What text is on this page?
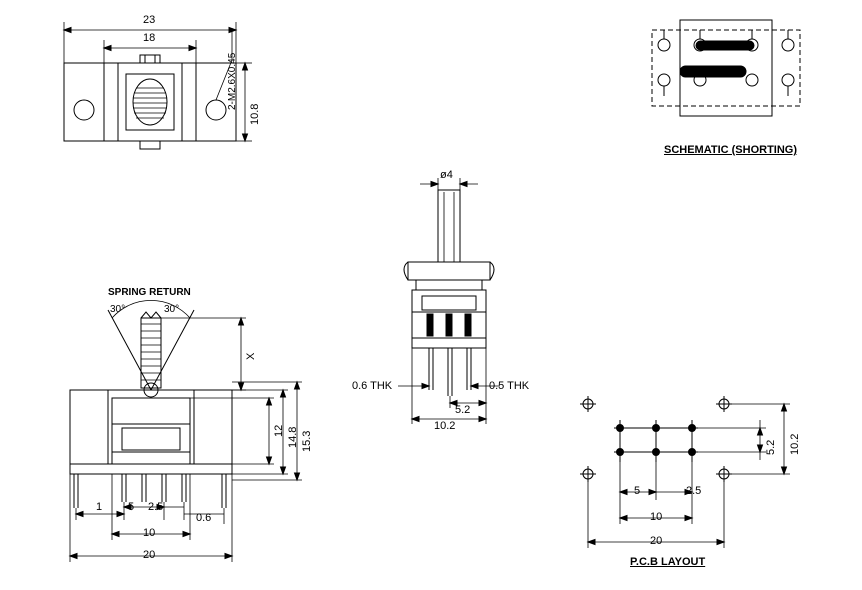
23
18
10.8
2-M2.6X0.45
SCHEMATIC (SHORTING)
ø4
0.6 THK	0.5 THK
5.2
10.2
SPRING RETURN
30°	30°
X
12 14.8 15.3
1 5 2.5
0.6
10
20
5	2.5
10
20
10.2
5.2
P.C.B LAYOUT
